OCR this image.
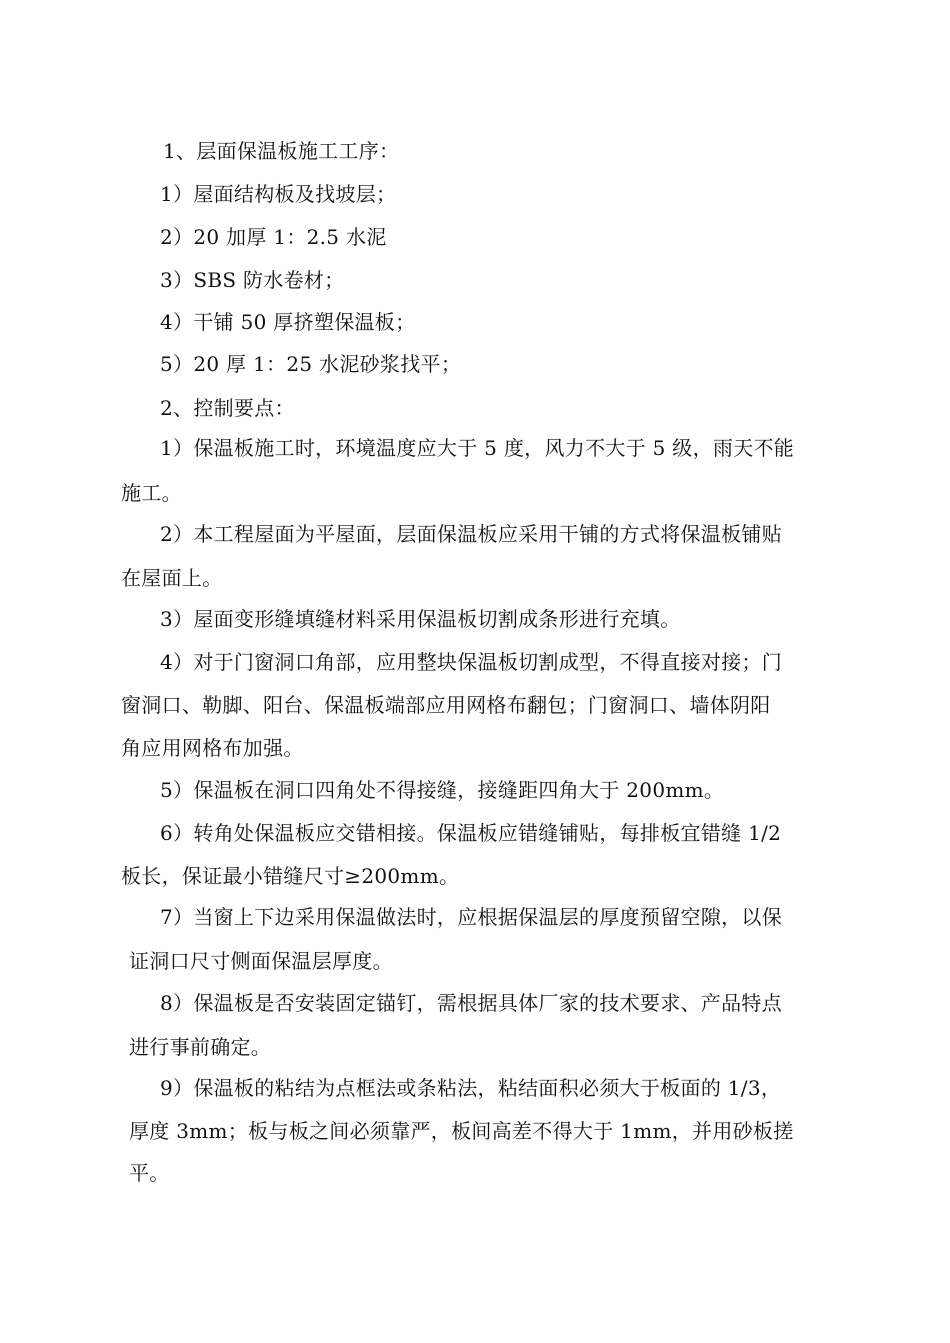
1、层面保温板施工工序：
1）屋面结构板及找坡层；
2）20 加厚 1：2.5 水泥
3）SBS 防水卷材；
4）干铺 50 厚挤塑保温板；
5）20 厚 1：25 水泥砂浆找平；
2、控制要点：
1）保温板施工时，环境温度应大于 5 度，风力不大于 5 级，雨天不能
施工。
2）本工程屋面为平屋面，层面保温板应采用干铺的方式将保温板铺贴
在屋面上。
3）屋面变形缝填缝材料采用保温板切割成条形进行充填。
4）对于门窗洞口角部，应用整块保温板切割成型，不得直接对接；门
窗洞口、勒脚、阳台、保温板端部应用网格布翻包；门窗洞口、墙体阴阳
角应用网格布加强。
5）保温板在洞口四角处不得接缝，接缝距四角大于 200mm。
6）转角处保温板应交错相接。保温板应错缝铺贴，每排板宜错缝 1/2
板长，保证最小错缝尺寸≥200mm。
7）当窗上下边采用保温做法时，应根据保温层的厚度预留空隙，以保
证洞口尺寸侧面保温层厚度。
8）保温板是否安装固定锚钉，需根据具体厂家的技术要求、产品特点
进行事前确定。
9）保温板的粘结为点框法或条粘法，粘结面积必须大于板面的 1/3，
厚度 3mm；板与板之间必须靠严，板间高差不得大于 1mm，并用砂板搓
平。
